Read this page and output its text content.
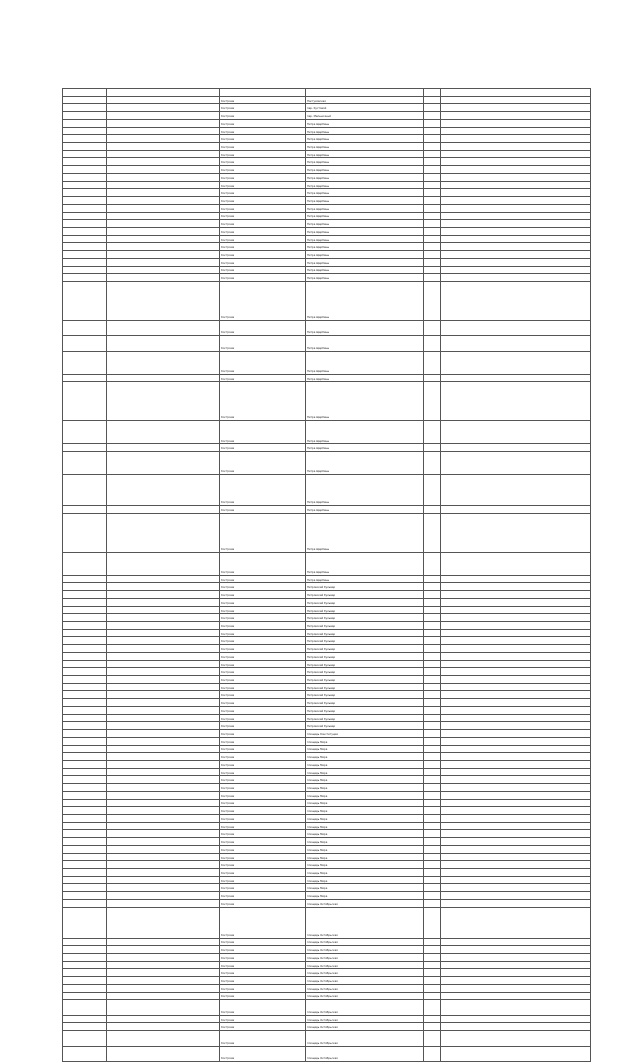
		Кострома	Пастуховская		
		Кострома	пер. Кустовой		
		Кострома	пер. Мельничный		
		Кострома	Петра Щербины		
		Кострома	Петра Щербины		
		Кострома	Петра Щербины		
		Кострома	Петра Щербины		
		Кострома	Петра Щербины		
		Кострома	Петра Щербины		
		Кострома	Петра Щербины		
		Кострома	Петра Щербины		
		Кострома	Петра Щербины		
		Кострома	Петра Щербины		
		Кострома	Петра Щербины		
		Кострома	Петра Щербины		
		Кострома	Петра Щербины		
		Кострома	Петра Щербины		
		Кострома	Петра Щербины		
		Кострома	Петра Щербины		
		Кострома	Петра Щербины		
		Кострома	Петра Щербины		
		Кострома	Петра Щербины		
		Кострома	Петра Щербины		
		Кострома	Петра Щербины		
		Кострома	Петра Щербины		
		Кострома	Петра Щербины		
		Кострома	Петра Щербины		
		Кострома	Петра Щербины		
		Кострома	Петра Щербины		
		Кострома	Петра Щербины		
		Кострома	Петра Щербины		
		Кострома	Петра Щербины		
		Кострома	Петра Щербины		
		Кострома	Петра Щербины		
		Кострома	Петра Щербины		
		Кострома	Петра Щербины		
		Кострома	Петра Щербины		
		Кострома	Петра Щербины		
		Кострома	Петровский бульвар		
		Кострома	Петровский бульвар		
		Кострома	Петровский бульвар		
		Кострома	Петровский бульвар		
		Кострома	Петровский бульвар		
		Кострома	Петровский бульвар		
		Кострома	Петровский бульвар		
		Кострома	Петровский бульвар		
		Кострома	Петровский бульвар		
		Кострома	Петровский бульвар		
		Кострома	Петровский бульвар		
		Кострома	Петровский бульвар		
		Кострома	Петровский бульвар		
		Кострома	Петровский бульвар		
		Кострома	Петровский бульвар		
		Кострома	Петровский бульвар		
		Кострома	Петровский бульвар		
		Кострома	Петровский бульвар		
		Кострома	Петровский бульвар		
		Кострома	площадь Конституции		
		Кострома	площадь Мира		
		Кострома	площадь Мира		
		Кострома	площадь Мира		
		Кострома	площадь Мира		
		Кострома	площадь Мира		
		Кострома	площадь Мира		
		Кострома	площадь Мира		
		Кострома	площадь Мира		
		Кострома	площадь Мира		
		Кострома	площадь Мира		
		Кострома	площадь Мира		
		Кострома	площадь Мира		
		Кострома	площадь Мира		
		Кострома	площадь Мира		
		Кострома	площадь Мира		
		Кострома	площадь Мира		
		Кострома	площадь Мира		
		Кострома	площадь Мира		
		Кострома	площадь Мира		
		Кострома	площадь Мира		
		Кострома	площадь Мира		
		Кострома	площадь Октябрьская		
		Кострома	площадь Октябрьская		
		Кострома	площадь Октябрьская		
		Кострома	площадь Октябрьская		
		Кострома	площадь Октябрьская		
		Кострома	площадь Октябрьская		
		Кострома	площадь Октябрьская		
		Кострома	площадь Октябрьская		
		Кострома	площадь Октябрьская		
		Кострома	площадь Октябрьская		
		Кострома	площадь Октябрьская		
		Кострома	площадь Октябрьская		
		Кострома	площадь Октябрьская		
		Кострома	площадь Октябрьская		
		Кострома	площадь Октябрьская		
